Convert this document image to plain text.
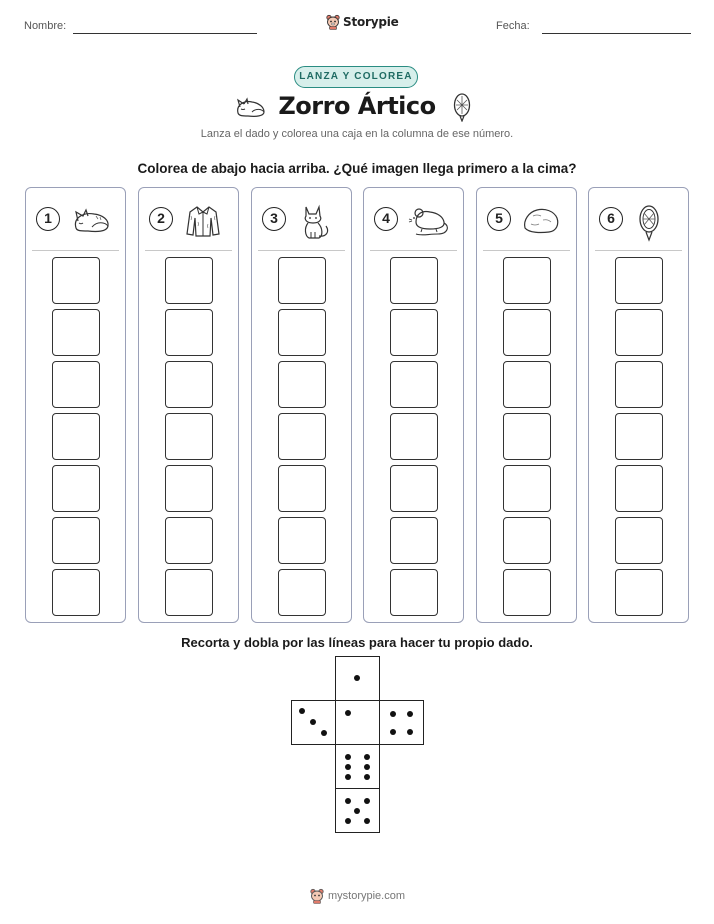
Nombre:	Fecha:
Storypie
LANZA Y COLOREA
Zorro Ártico
Lanza el dado y colorea una caja en la columna de ese número.
Colorea de abajo hacia arriba. ¿Qué imagen llega primero a la cima?
1	2	3	4	5	6
Recorta y dobla por las líneas para hacer tu propio dado.
mystorypie.com
